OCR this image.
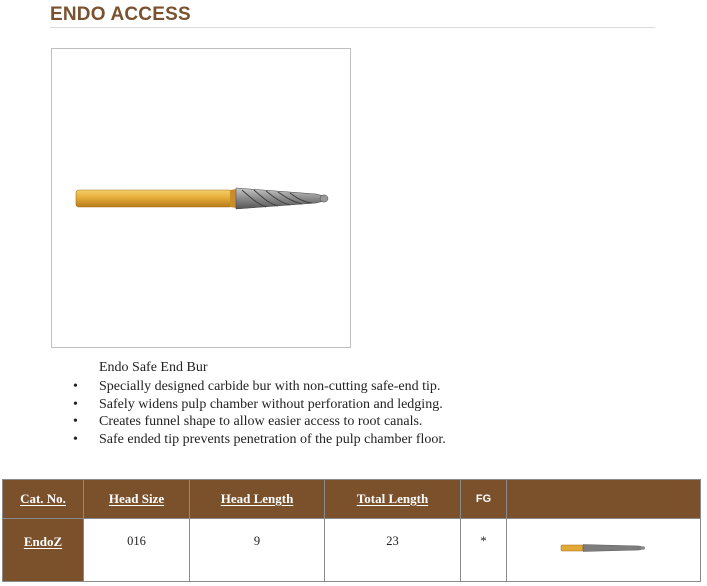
ENDO ACCESS
Endo Safe End Bur
• Specially designed carbide bur with non-cutting safe-end tip.
• Safely widens pulp chamber without perforation and ledging.
• Creates funnel shape to allow easier access to root canals.
• Safe ended tip prevents penetration of the pulp chamber floor.
Cat. No.	Head Size	Head Length	Total Length	FG	
EndoZ	016	9	23	*	
